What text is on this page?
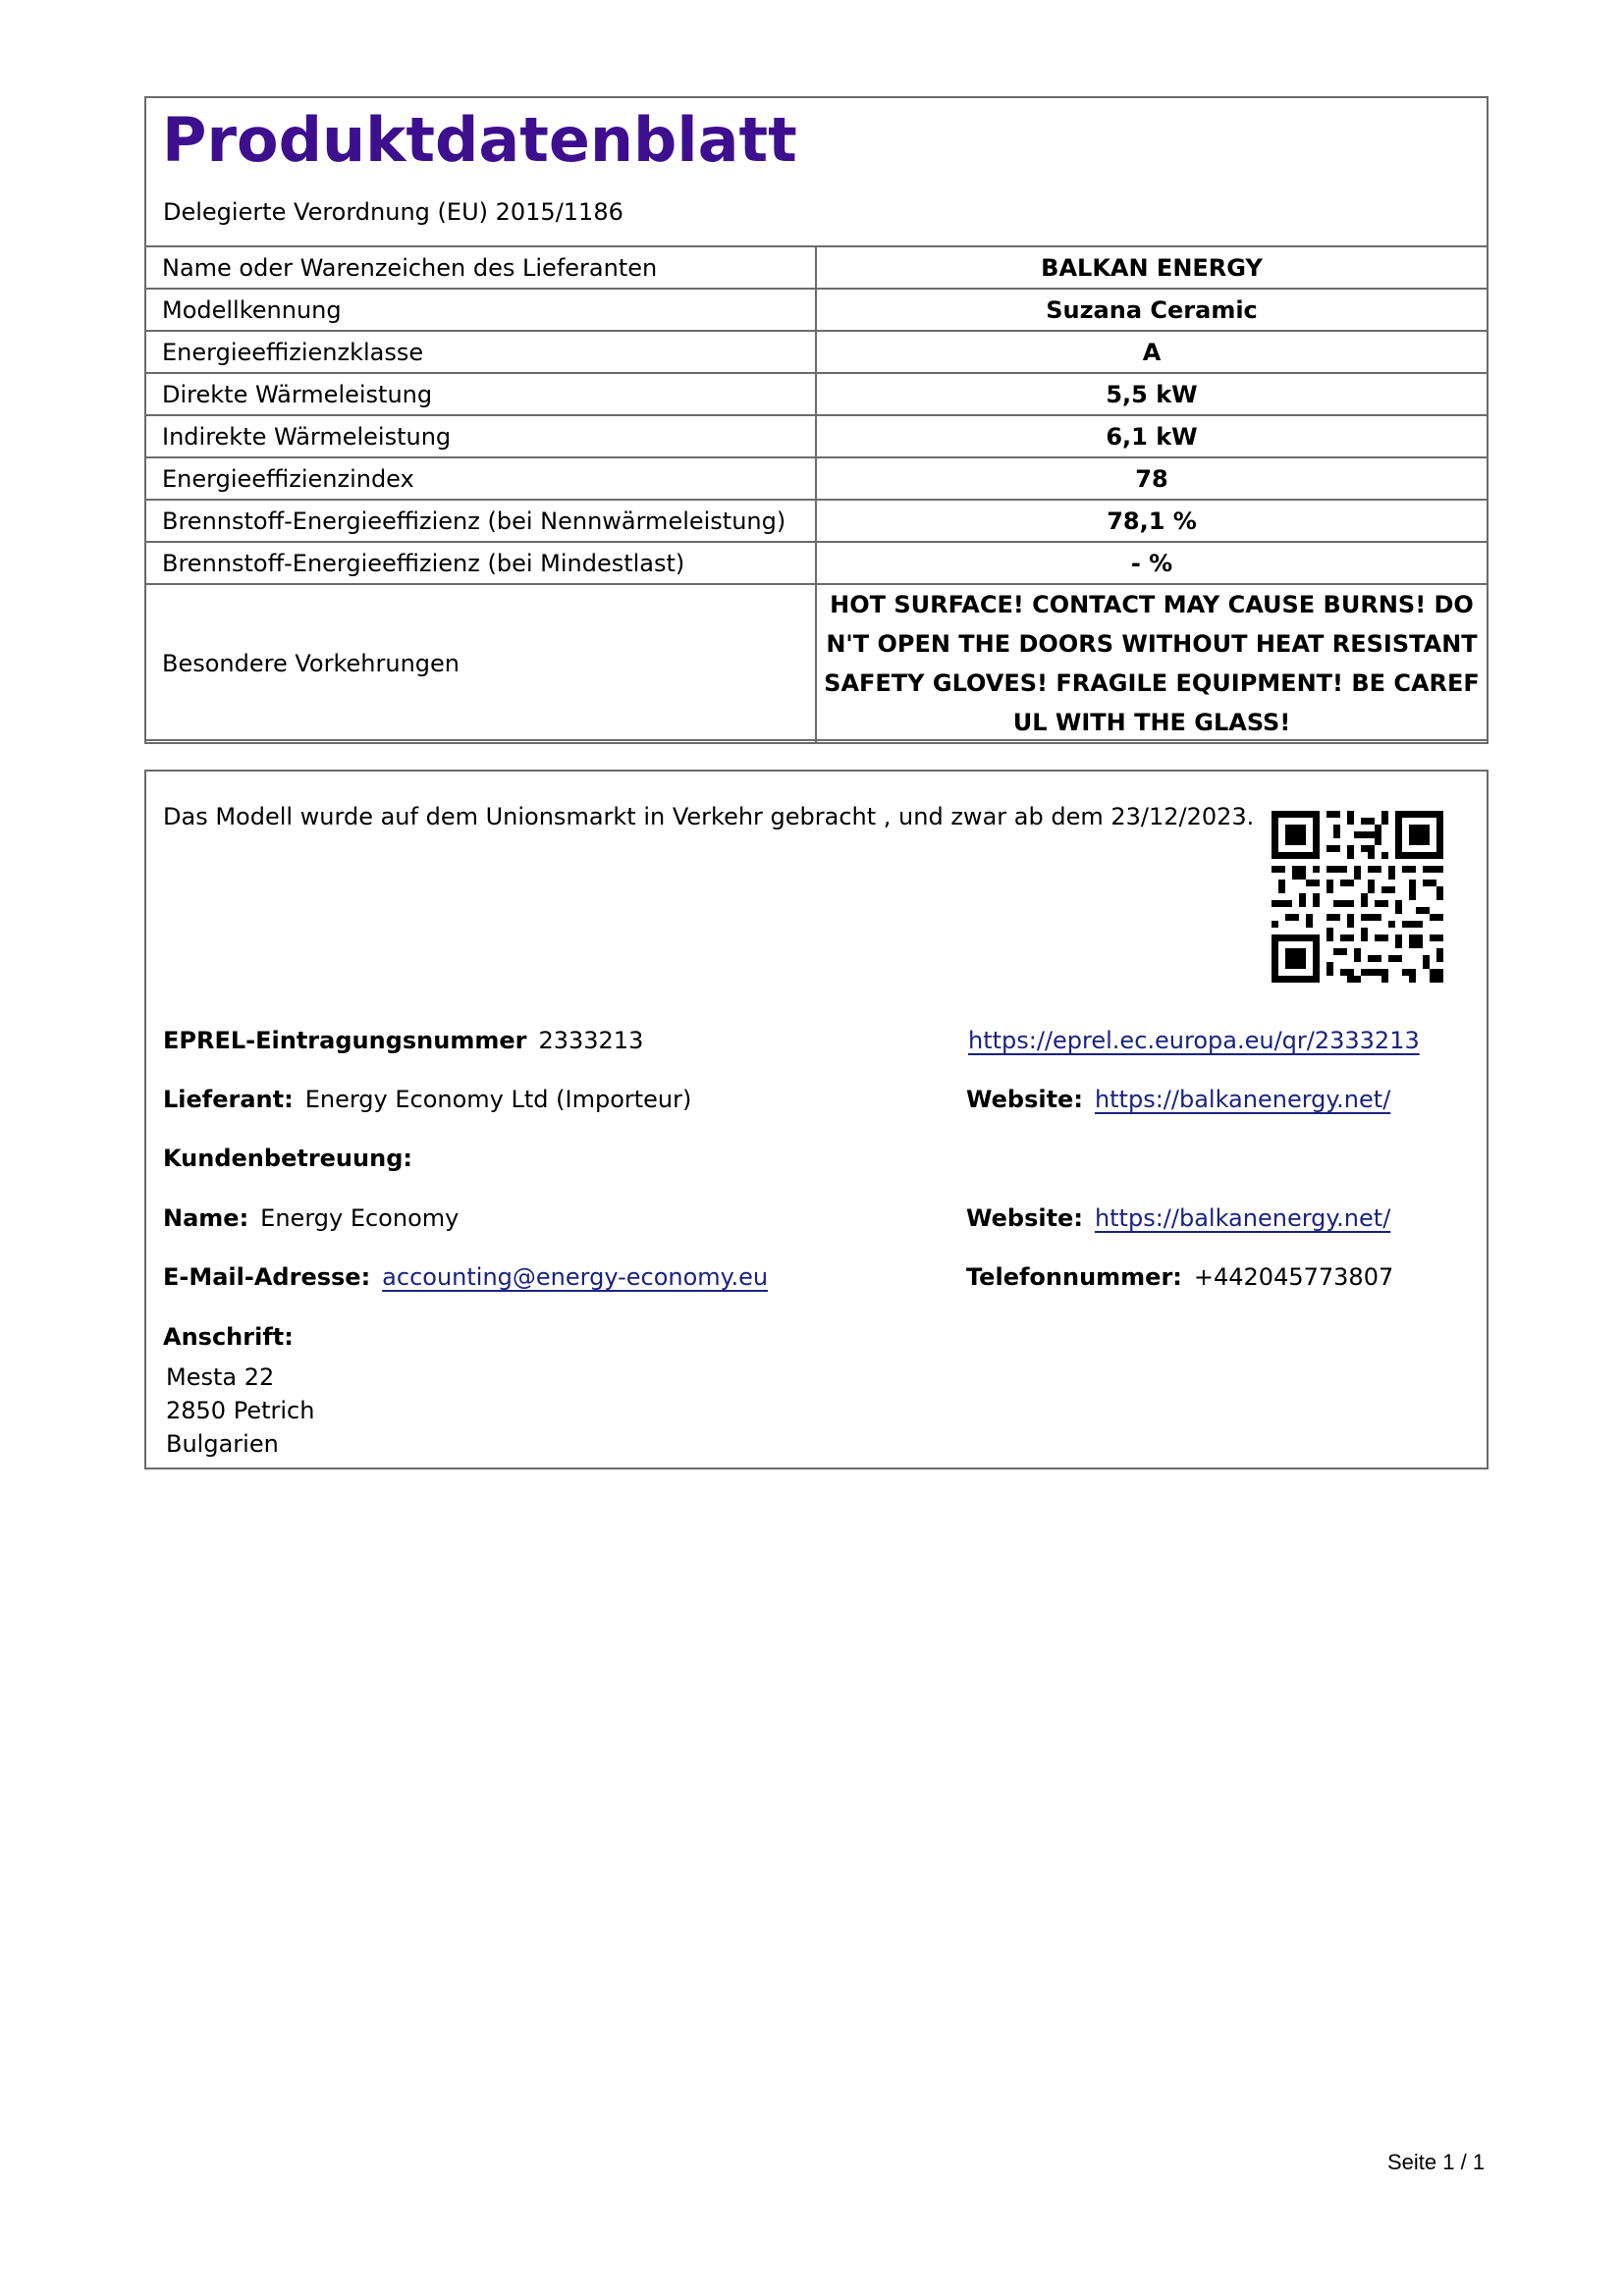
Produktdatenblatt
Delegierte Verordnung (EU) 2015/1186
Name oder Warenzeichen des Lieferanten	BALKAN ENERGY
Modellkennung	Suzana Ceramic
Energieeffizienzklasse	A
Direkte Wärmeleistung	5,5 kW
Indirekte Wärmeleistung	6,1 kW
Energieeffizienzindex	78
Brennstoff-Energieeffizienz (bei Nennwärmeleistung)	78,1 %
Brennstoff-Energieeffizienz (bei Mindestlast)	- %
Besondere Vorkehrungen	HOT SURFACE! CONTACT MAY CAUSE BURNS! DON'T OPEN THE DOORS WITHOUT HEAT RESISTANT SAFETY GLOVES! FRAGILE EQUIPMENT! BE CAREFUL WITH THE GLASS!
Das Modell wurde auf dem Unionsmarkt in Verkehr gebracht , und zwar ab dem 23/12/2023.
EPREL-Eintragungsnummer 2333213	https://eprel.ec.europa.eu/qr/2333213
Lieferant: Energy Economy Ltd (Importeur)	Website: https://balkanenergy.net/
Kundenbetreuung:
Name: Energy Economy	Website: https://balkanenergy.net/
E-Mail-Adresse: accounting@energy-economy.eu	Telefonnummer: +442045773807
Anschrift:
Mesta 22
2850 Petrich
Bulgarien
Seite 1 / 1
